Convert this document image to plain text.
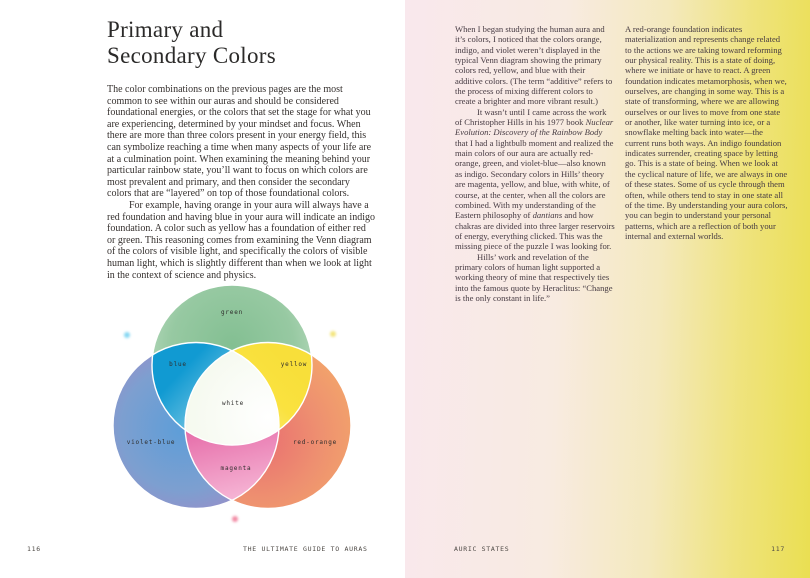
Primary and
Secondary Colors

The color combinations on the previous pages are the most common to see within our auras and should be considered foundational energies, or the colors that set the stage for what you are experiencing, determined by your mindset and focus. When there are more than three colors present in your energy field, this can symbolize reaching a time when many aspects of your life are at a culmination point. When examining the meaning behind your particular rainbow state, you’ll want to focus on which colors are most prevalent and primary, and then consider the secondary colors that are “layered” on top of those foundational colors.

For example, having orange in your aura will always have a red foundation and having blue in your aura will indicate an indigo foundation. A color such as yellow has a foundation of either red or green. This reasoning comes from examining the Venn diagram of the colors of visible light, and specifically the colors of visible human light, which is slightly different than when we look at light in the context of science and physics.

green
blue	yellow
white
violet-blue	red-orange
magenta
116	THE ULTIMATE GUIDE TO AURAS

When I began studying the human aura and it’s colors, I noticed that the colors orange, indigo, and violet weren’t displayed in the typical Venn diagram showing the primary colors red, yellow, and blue with their additive colors. (The term “additive” refers to the process of mixing different colors to create a brighter and more vibrant result.)

It wasn’t until I came across the work of Christopher Hills in his 1977 book Nuclear Evolution: Discovery of the Rainbow Body that I had a lightbulb moment and realized the main colors of our aura are actually red-orange, green, and violet-blue—also known as indigo. Secondary colors in Hills’ theory are magenta, yellow, and blue, with white, of course, at the center, when all the colors are combined. With my understanding of the Eastern philosophy of dantians and how chakras are divided into three larger reservoirs of energy, everything clicked. This was the missing piece of the puzzle I was looking for.

Hills’ work and revelation of the primary colors of human light supported a working theory of mine that respectively ties into the famous quote by Heraclitus: “Change is the only constant in life.”

A red-orange foundation indicates materialization and represents change related to the actions we are taking toward reforming our physical reality. This is a state of doing, where we initiate or have to react. A green foundation indicates metamorphosis, when we, ourselves, are changing in some way. This is a state of transforming, where we are allowing ourselves or our lives to move from one state or another, like water turning into ice, or a snowflake melting back into water—the current runs both ways. An indigo foundation indicates surrender, creating space by letting go. This is a state of being. When we look at the cyclical nature of life, we are always in one of these states. Some of us cycle through them often, while others tend to stay in one state all of the time. By understanding your aura colors, you can begin to understand your personal patterns, which are a reflection of both your internal and external worlds.

AURIC STATES	117
